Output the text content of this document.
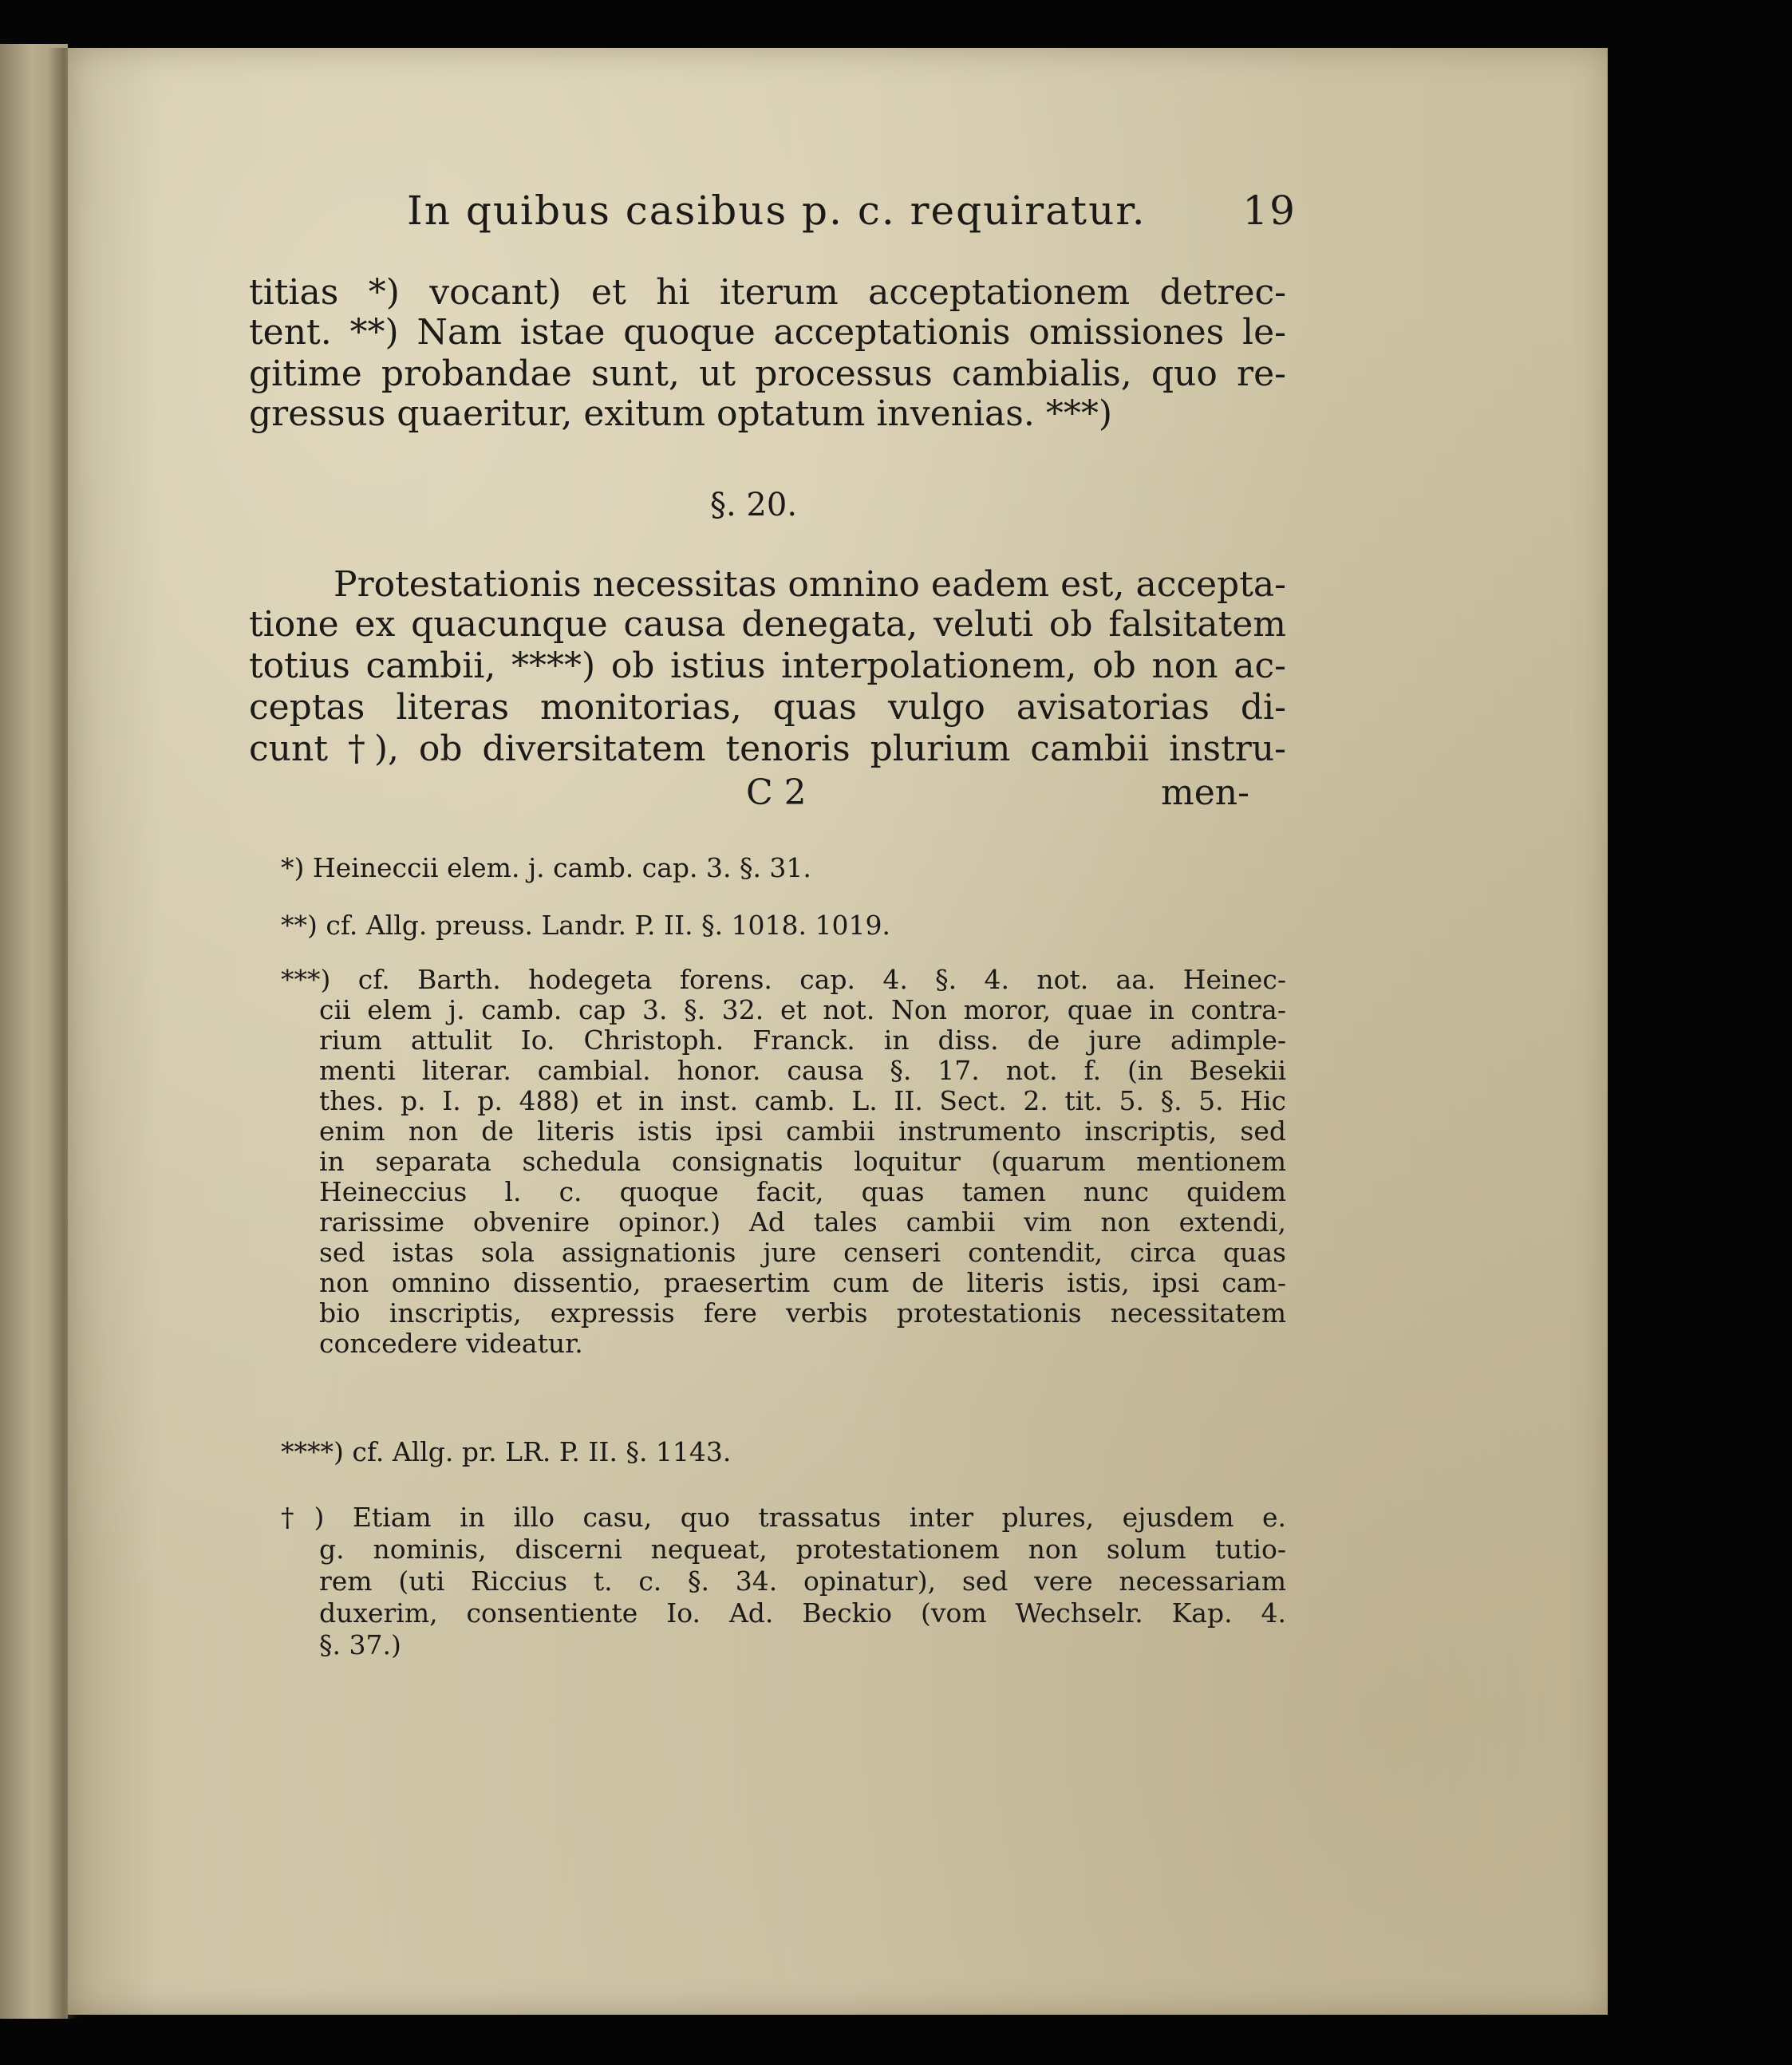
In quibus casibus p. c. requiratur. 19
titias *) vocant) et hi iterum acceptationem detrec-
tent. **) Nam istae quoque acceptationis omissiones le-
gitime probandae sunt, ut processus cambialis, quo re-
gressus quaeritur, exitum optatum invenias. ***)
§. 20.
Protestationis necessitas omnino eadem est, accepta-
tione ex quacunque causa denegata, veluti ob falsitatem
totius cambii, ****) ob istius interpolationem, ob non ac-
ceptas literas monitorias, quas vulgo avisatorias di-
cunt †), ob diversitatem tenoris plurium cambii instru-
C 2	men-
*) Heineccii elem. j. camb. cap. 3. §. 31.
**) cf. Allg. preuss. Landr. P. II. §. 1018. 1019.
***) cf. Barth. hodegeta forens. cap. 4. §. 4. not. aa. Heinec-
cii elem j. camb. cap 3. §. 32. et not. Non moror, quae in contra-
rium attulit Io. Christoph. Franck. in diss. de jure adimple-
menti literar. cambial. honor. causa §. 17. not. f. (in Besekii
thes. p. I. p. 488) et in inst. camb. L. II. Sect. 2. tit. 5. §. 5. Hic
enim non de literis istis ipsi cambii instrumento inscriptis, sed
in separata schedula consignatis loquitur (quarum mentionem
Heineccius l. c. quoque facit, quas tamen nunc quidem
rarissime obvenire opinor.) Ad tales cambii vim non extendi,
sed istas sola assignationis jure censeri contendit, circa quas
non omnino dissentio, praesertim cum de literis istis, ipsi cam-
bio inscriptis, expressis fere verbis protestationis necessitatem
concedere videatur.
****) cf. Allg. pr. LR. P. II. §. 1143.
†) Etiam in illo casu, quo trassatus inter plures, ejusdem e.
g. nominis, discerni nequeat, protestationem non solum tutio-
rem (uti Riccius t. c. §. 34. opinatur), sed vere necessariam
duxerim, consentiente Io. Ad. Beckio (vom Wechselr. Kap. 4.
§. 37.)
